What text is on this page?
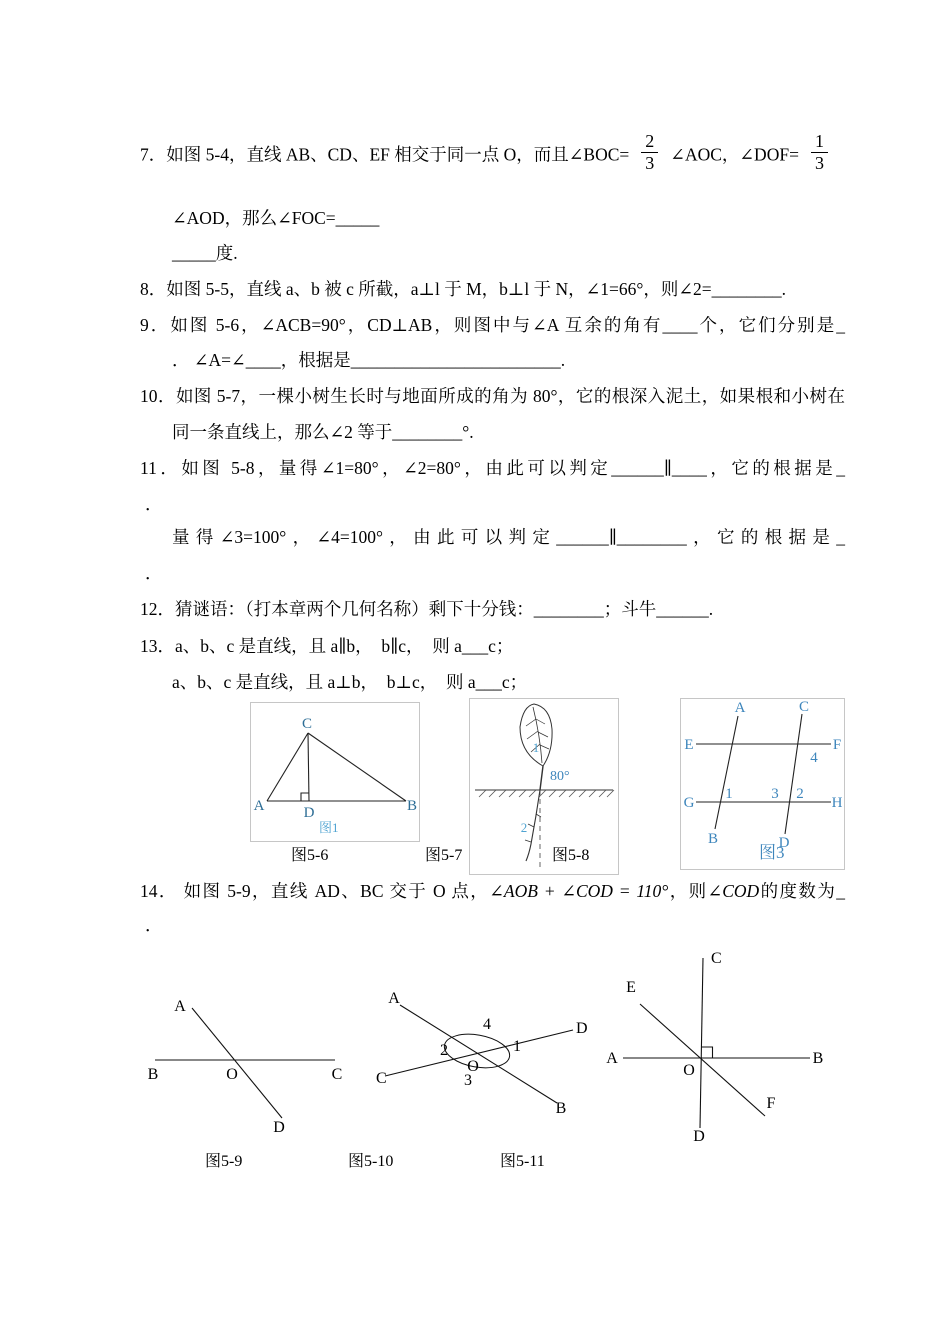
7．如图 5-4，直线 AB、CD、EF 相交于同一点 O，而且∠BOC= $\frac{2}{3}$ ∠AOC，∠DOF= $\frac{1}{3}$
∠AOD，那么∠FOC=_____
_____度.
8．如图 5-5，直线 a、b 被 c 所截，a⊥l 于 M，b⊥l 于 N，∠1=66°，则∠2=________.
9．如图 5-6，∠ACB=90°，CD⊥AB，则图中与∠A 互余的角有____个，它们分别是_
． ∠A=∠____，根据是________________________.
10．如图 5-7，一棵小树生长时与地面所成的角为 80°，它的根深入泥土，如果根和小树在
同一条直线上，那么∠2 等于________°.
11．如图 5-8，量得∠1=80°，∠2=80°，由此可以判定______∥____，它的根据是_
．
量得∠3=100°，∠4=100°，由此可以判定______∥________，它的根据是_
．
12．猜谜语：（打本章两个几何名称）剩下十分钱：________；斗牛______.
13．a、b、c 是直线，且 a∥b，　b∥c，　则 a___c；
a、b、c 是直线，且 a⊥b，　b⊥c，　则 a___c；
C
A	B
D
图1
1
80°
2
E	F
G	H
A
B
C
D
1
4
3 2
图3
图5-6	图5-7	图5-8
14． 如图 5-9，直线 AD、BC 交于 O 点，∠AOB + ∠COD = 110°，则∠COD的度数为_
．
A
B	C
D
O
A
B
C
D
4
2	1
3
O
C
D
A	B
E
F
O
图5-9	图5-10	图5-11
